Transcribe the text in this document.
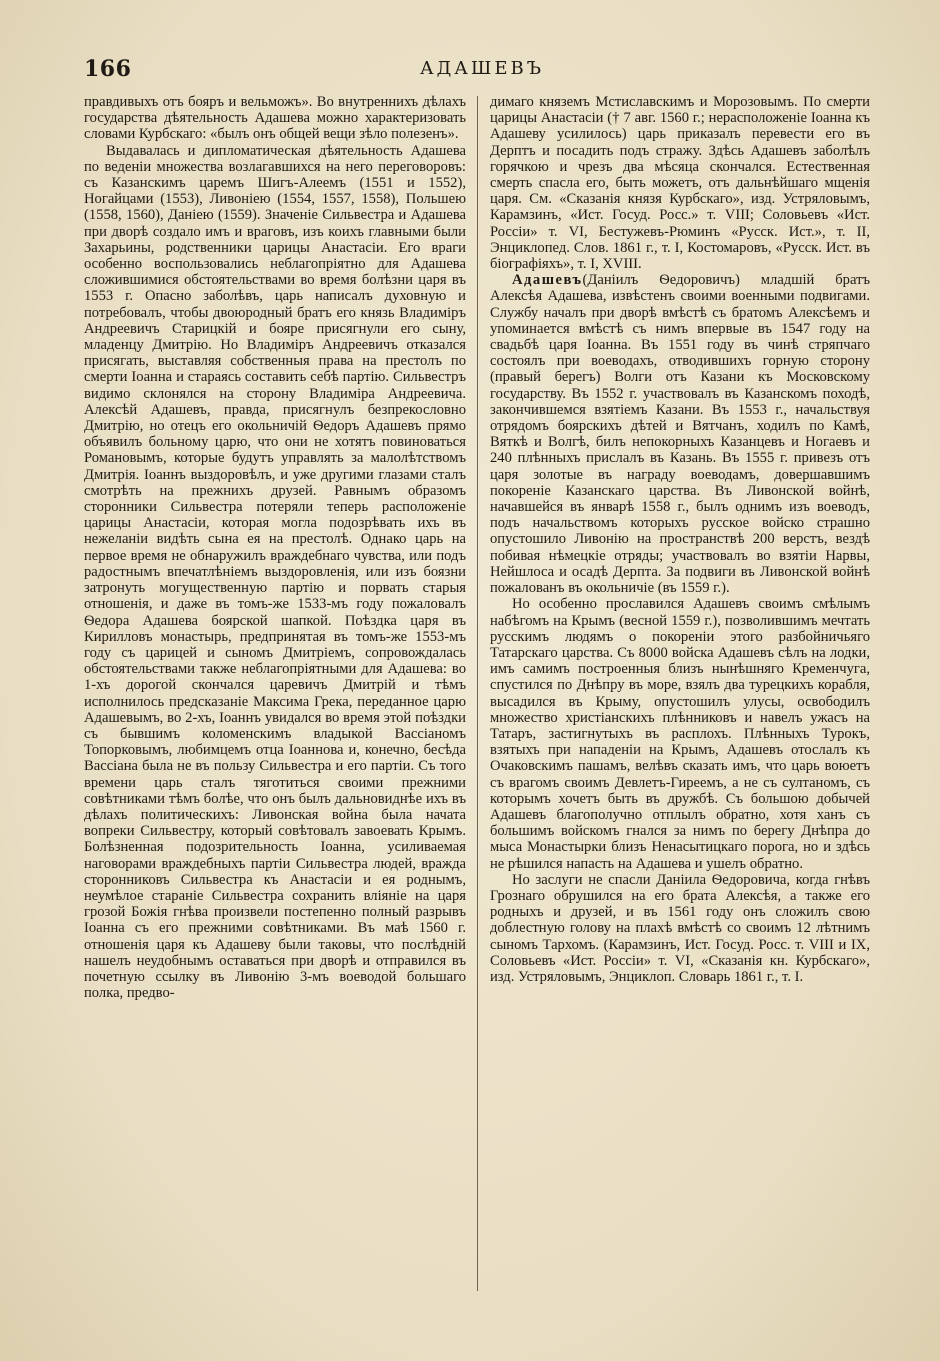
166	АДАШЕВЪ

правдивыхъ отъ бояръ и вельможъ». Во внутреннихъ дѣлахъ государства дѣятельность Адашева можно характеризовать словами Курбскаго: «былъ онъ общей вещи зѣло полезенъ».

Выдавалась и дипломатическая дѣятельность Адашева по веденіи множества возлагавшихся на него переговоровъ: съ Казанскимъ царемъ Шигъ-Алеемъ (1551 и 1552), Ногайцами (1553), Ливоніею (1554, 1557, 1558), Польшею (1558, 1560), Даніею (1559). Значеніе Сильвестра и Адашева при дворѣ создало имъ и враговъ, изъ коихъ главными были Захарьины, родственники царицы Анастасіи. Его враги особенно воспользовались неблагопріятно для Адашева сложившимися обстоятельствами во время болѣзни царя въ 1553 г. Опасно заболѣвъ, царь написалъ духовную и потребовалъ, чтобы двоюродный братъ его князь Владиміръ Андреевичъ Старицкій и бояре присягнули его сыну, младенцу Дмитрію. Но Владиміръ Андреевичъ отказался присягать, выставляя собственныя права на престолъ по смерти Іоанна и стараясь составить себѣ партію. Сильвестръ видимо склонялся на сторону Владиміра Андреевича. Алексѣй Адашевъ, правда, присягнулъ безпрекословно Дмитрію, но отецъ его окольничій Ѳедоръ Адашевъ прямо объявилъ больному царю, что они не хотятъ повиноваться Романовымъ, которые будутъ управлять за малолѣтствомъ Дмитрія. Іоаннъ выздоровѣлъ, и уже другими глазами сталъ смотрѣть на прежнихъ друзей. Равнымъ образомъ сторонники Сильвестра потеряли теперь расположеніе царицы Анастасіи, которая могла подозрѣвать ихъ въ нежеланіи видѣть сына ея на престолѣ. Однако царь на первое время не обнаружилъ враждебнаго чувства, или подъ радостнымъ впечатлѣніемъ выздоровленія, или изъ боязни затронуть могущественную партію и порвать старыя отношенія, и даже въ томъ-же 1533-мъ году пожаловалъ Ѳедора Адашева боярской шапкой. Поѣздка царя въ Кирилловъ монастырь, предпринятая въ томъ-же 1553-мъ году съ царицей и сыномъ Дмитріемъ, сопровождалась обстоятельствами также неблагопріятными для Адашева: во 1-хъ дорогой скончался царевичъ Дмитрій и тѣмъ исполнилось предсказаніе Максима Грека, переданное царю Адашевымъ, во 2-хъ, Іоаннъ увидался во время этой поѣздки съ бывшимъ коломенскимъ владыкой Вассіаномъ Топорковымъ, любимцемъ отца Іоаннова и, конечно, бесѣда Вассіана была не въ пользу Сильвестра и его партіи. Съ того времени царь сталъ тяготиться своими прежними совѣтниками тѣмъ болѣе, что онъ былъ дальновиднѣе ихъ въ дѣлахъ политическихъ: Ливонская война была начата вопреки Сильвестру, который совѣтовалъ завоевать Крымъ. Болѣзненная подозрительность Іоанна, усиливаемая наговорами враждебныхъ партіи Сильвестра людей, вражда сторонниковъ Сильвестра къ Анастасіи и ея роднымъ, неумѣлое стараніе Сильвестра сохранить вліяніе на царя грозой Божія гнѣва произвели постепенно полный разрывъ Іоанна съ его прежними совѣтниками. Въ маѣ 1560 г. отношенія царя къ Адашеву были таковы, что послѣдній нашелъ неудобнымъ оставаться при дворѣ и отправился въ почетную ссылку въ Ливонію 3-мъ воеводой большаго полка, предво-

димаго княземъ Мстиславскимъ и Морозовымъ. По смерти царицы Анастасіи († 7 авг. 1560 г.; нерасположеніе Іоанна къ Адашеву усилилось) царь приказалъ перевести его въ Дерптъ и посадить подъ стражу. Здѣсь Адашевъ заболѣлъ горячкою и чрезъ два мѣсяца скончался. Естественная смерть спасла его, быть можетъ, отъ дальнѣйшаго мщенія царя. См. «Сказанія князя Курбскаго», изд. Устряловымъ, Карамзинъ, «Ист. Госуд. Росс.» т. VIII; Соловьевъ «Ист. Россіи» т. VI, Бестужевъ-Рюминъ «Русск. Ист.», т. II, Энциклопед. Слов. 1861 г., т. I, Костомаровъ, «Русск. Ист. въ біографіяхъ», т. I, XVIII.

Адашевъ(Даніилъ Ѳедоровичъ) младшій братъ Алексѣя Адашева, извѣстенъ своими военными подвигами. Службу началъ при дворѣ вмѣстѣ съ братомъ Алексѣемъ и упоминается вмѣстѣ съ нимъ впервые въ 1547 году на свадьбѣ царя Іоанна. Въ 1551 году въ чинѣ стряпчаго состоялъ при воеводахъ, отводившихъ горную сторону (правый берегъ) Волги отъ Казани къ Московскому государству. Въ 1552 г. участвовалъ въ Казанскомъ походѣ, закончившемся взятіемъ Казани. Въ 1553 г., начальствуя отрядомъ боярскихъ дѣтей и Вятчанъ, ходилъ по Камѣ, Вяткѣ и Волгѣ, билъ непокорныхъ Казанцевъ и Ногаевъ и 240 плѣнныхъ прислалъ въ Казань. Въ 1555 г. привезъ отъ царя золотые въ награду воеводамъ, довершавшимъ покореніе Казанскаго царства. Въ Ливонской войнѣ, начавшейся въ январѣ 1558 г., былъ однимъ изъ воеводъ, подъ начальствомъ которыхъ русское войско страшно опустошило Ливонію на пространствѣ 200 верстъ, вездѣ побивая нѣмецкіе отряды; участвовалъ во взятіи Нарвы, Нейшлоса и осадѣ Дерпта. За подвиги въ Ливонской войнѣ пожалованъ въ окольничіе (въ 1559 г.).

Но особенно прославился Адашевъ своимъ смѣлымъ набѣгомъ на Крымъ (весной 1559 г.), позволившимъ мечтать русскимъ людямъ о покореніи этого разбойничьяго Татарскаго царства. Съ 8000 войска Адашевъ сѣлъ на лодки, имъ самимъ построенныя близъ нынѣшняго Кременчуга, спустился по Днѣпру въ море, взялъ два турецкихъ корабля, высадился въ Крыму, опустошилъ улусы, освободилъ множество христіанскихъ плѣнниковъ и навелъ ужасъ на Татаръ, застигнутыхъ въ расплохъ. Плѣнныхъ Турокъ, взятыхъ при нападеніи на Крымъ, Адашевъ отослалъ къ Очаковскимъ пашамъ, велѣвъ сказать имъ, что царь воюетъ съ врагомъ своимъ Девлетъ-Гиреемъ, а не съ султаномъ, съ которымъ хочетъ быть въ дружбѣ. Съ большою добычей Адашевъ благополучно отплылъ обратно, хотя ханъ съ большимъ войскомъ гнался за нимъ по берегу Днѣпра до мыса Монастырки близъ Ненасытицкаго порога, но и здѣсь не рѣшился напасть на Адашева и ушелъ обратно.

Но заслуги не спасли Даніила Ѳедоровича, когда гнѣвъ Грознаго обрушился на его брата Алексѣя, а также его родныхъ и друзей, и въ 1561 году онъ сложилъ свою доблестную голову на плахѣ вмѣстѣ со своимъ 12 лѣтнимъ сыномъ Тархомъ. (Карамзинъ, Ист. Госуд. Росс. т. VIII и IX, Соловьевъ «Ист. Россіи» т. VI, «Сказанія кн. Курбскаго», изд. Устряловымъ, Энциклоп. Словарь 1861 г., т. I.
